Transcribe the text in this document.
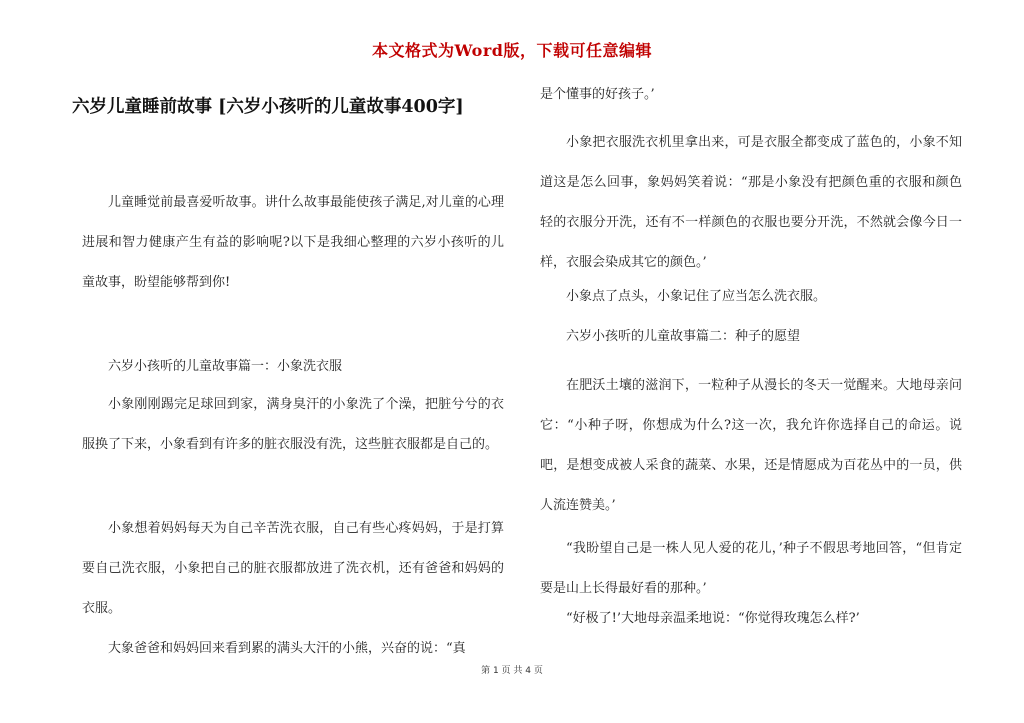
本文格式为Word版，下载可任意编辑
六岁儿童睡前故事 [六岁小孩听的儿童故事400字]

儿童睡觉前最喜爱听故事。讲什么故事最能使孩子满足,对儿童的心理进展和智力健康产生有益的影响呢?以下是我细心整理的六岁小孩听的儿童故事，盼望能够帮到你!

六岁小孩听的儿童故事篇一：小象洗衣服

小象刚刚踢完足球回到家，满身臭汗的小象洗了个澡，把脏兮兮的衣服换了下来，小象看到有许多的脏衣服没有洗，这些脏衣服都是自己的。

小象想着妈妈每天为自己辛苦洗衣服，自己有些心疼妈妈，于是打算要自己洗衣服，小象把自己的脏衣服都放进了洗衣机，还有爸爸和妈妈的衣服。

大象爸爸和妈妈回来看到累的满头大汗的小熊，兴奋的说：“真

是个懂事的好孩子。’

小象把衣服洗衣机里拿出来，可是衣服全都变成了蓝色的，小象不知道这是怎么回事，象妈妈笑着说：“那是小象没有把颜色重的衣服和颜色轻的衣服分开洗，还有不一样颜色的衣服也要分开洗，不然就会像今日一样，衣服会染成其它的颜色。’

小象点了点头，小象记住了应当怎么洗衣服。

六岁小孩听的儿童故事篇二：种子的愿望

在肥沃土壤的滋润下，一粒种子从漫长的冬天一觉醒来。大地母亲问它：“小种子呀，你想成为什么?这一次，我允许你选择自己的命运。说吧，是想变成被人采食的蔬菜、水果，还是情愿成为百花丛中的一员，供人流连赞美。’

“我盼望自己是一株人见人爱的花儿，’种子不假思考地回答，“但肯定要是山上长得最好看的那种。’

“好极了!’大地母亲温柔地说：“你觉得玫瑰怎么样?’

第 1 页 共 4 页
